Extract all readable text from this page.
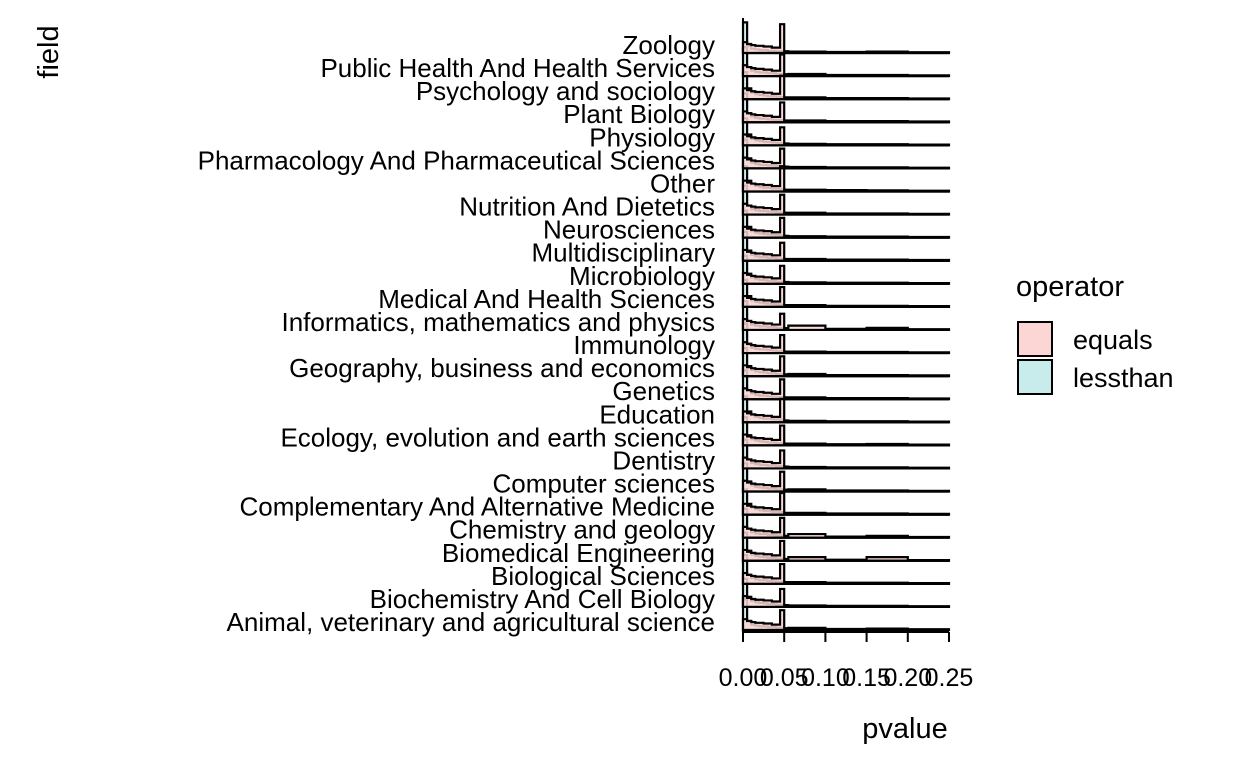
field	Zoology
Public Health And Health Services
Psychology and sociology
Plant Biology
Physiology
Pharmacology And Pharmaceutical Sciences
Other
Nutrition And Dietetics
Neurosciences
Multidisciplinary
Microbiology
Medical And Health Sciences
Informatics, mathematics and physics
Immunology
Geography, business and economics
Genetics
Education
Ecology, evolution and earth sciences
Dentistry
Computer sciences
Complementary And Alternative Medicine
Chemistry and geology
Biomedical Engineering
Biological Sciences
Biochemistry And Cell Biology
Animal, veterinary and agricultural science
0.00
0.05
0.10
0.15
0.20
0.25
pvalue
operator
equals
lessthan
